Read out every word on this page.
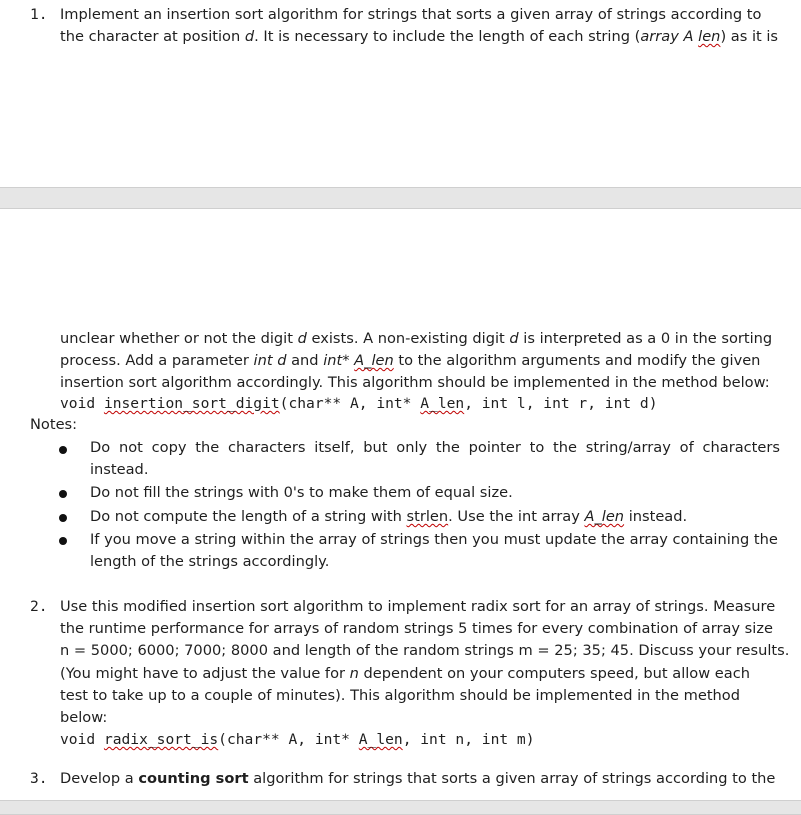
1. Implement an insertion sort algorithm for strings that sorts a given array of strings according to
the character at position d. It is necessary to include the length of each string (array A len) as it is
unclear whether or not the digit d exists. A non-existing digit d is interpreted as a 0 in the sorting
process. Add a parameter int d and int* A_len to the algorithm arguments and modify the given
insertion sort algorithm accordingly. This algorithm should be implemented in the method below:
void insertion_sort_digit(char** A, int* A_len, int l, int r, int d)
Notes:
Do not copy the characters itself, but only the pointer to the string/array of characters
instead.
Do not fill the strings with 0's to make them of equal size.
Do not compute the length of a string with strlen. Use the int array A_len instead.
If you move a string within the array of strings then you must update the array containing the
length of the strings accordingly.
2. Use this modified insertion sort algorithm to implement radix sort for an array of strings. Measure
the runtime performance for arrays of random strings 5 times for every combination of array size
n = 5000; 6000; 7000; 8000 and length of the random strings m = 25; 35; 45. Discuss your results.
(You might have to adjust the value for n dependent on your computers speed, but allow each
test to take up to a couple of minutes). This algorithm should be implemented in the method
below:
void radix_sort_is(char** A, int* A_len, int n, int m)
3. Develop a counting sort algorithm for strings that sorts a given array of strings according to the
